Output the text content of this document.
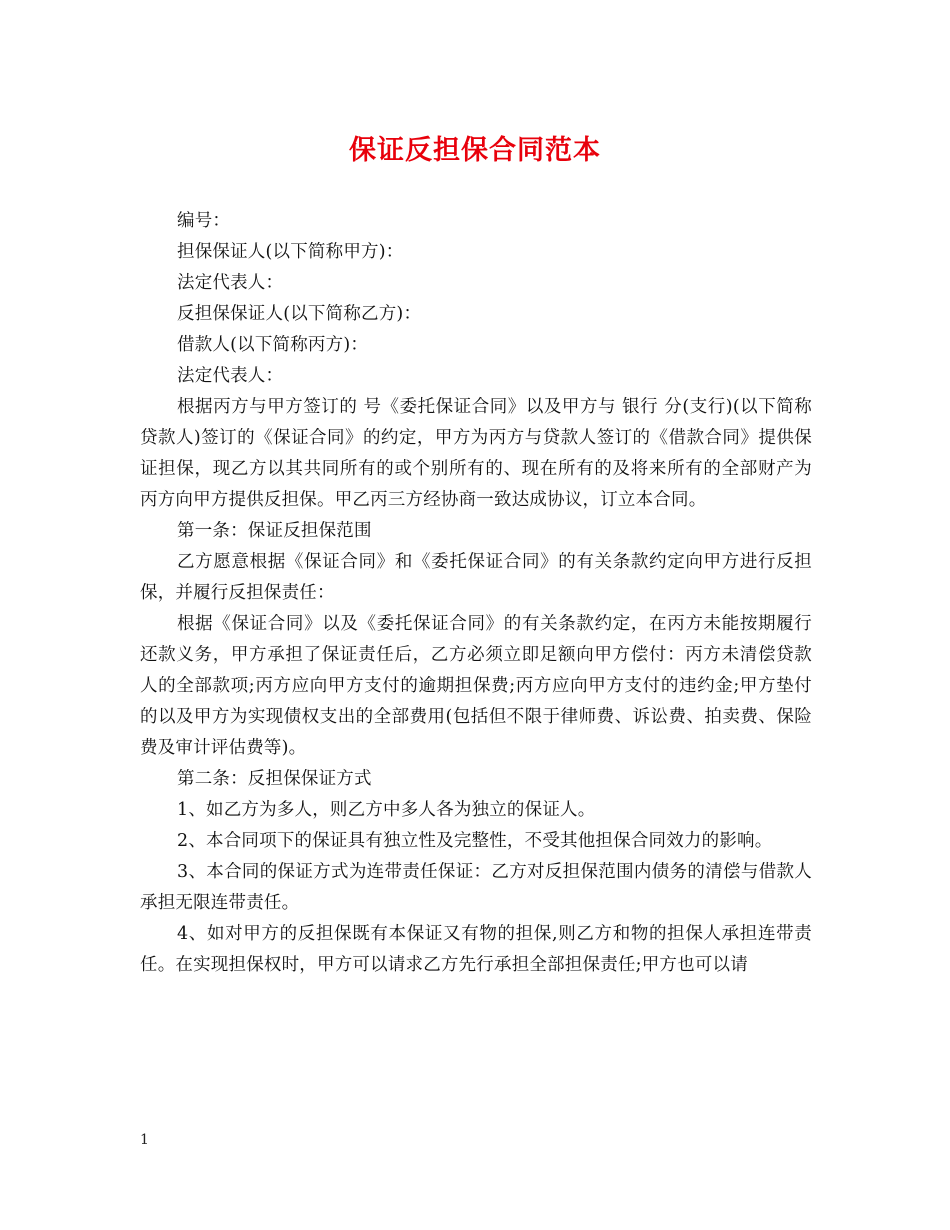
保证反担保合同范本

编号：

担保保证人(以下简称甲方)：

法定代表人：

反担保保证人(以下简称乙方)：

借款人(以下简称丙方)：

法定代表人：

根据丙方与甲方签订的 号《委托保证合同》以及甲方与 银行 分(支行)(以下简称贷款人)签订的《保证合同》的约定，甲方为丙方与贷款人签订的《借款合同》提供保证担保，现乙方以其共同所有的或个别所有的、现在所有的及将来所有的全部财产为丙方向甲方提供反担保。甲乙丙三方经协商一致达成协议，订立本合同。

第一条：保证反担保范围

乙方愿意根据《保证合同》和《委托保证合同》的有关条款约定向甲方进行反担保，并履行反担保责任：

根据《保证合同》以及《委托保证合同》的有关条款约定，在丙方未能按期履行还款义务，甲方承担了保证责任后，乙方必须立即足额向甲方偿付：丙方未清偿贷款人的全部款项;丙方应向甲方支付的逾期担保费;丙方应向甲方支付的违约金;甲方垫付的以及甲方为实现债权支出的全部费用(包括但不限于律师费、诉讼费、拍卖费、保险费及审计评估费等)。

第二条：反担保保证方式

1、如乙方为多人，则乙方中多人各为独立的保证人。

2、本合同项下的保证具有独立性及完整性，不受其他担保合同效力的影响。

3、本合同的保证方式为连带责任保证：乙方对反担保范围内债务的清偿与借款人承担无限连带责任。

4、如对甲方的反担保既有本保证又有物的担保,则乙方和物的担保人承担连带责任。在实现担保权时，甲方可以请求乙方先行承担全部担保责任;甲方也可以请

1
